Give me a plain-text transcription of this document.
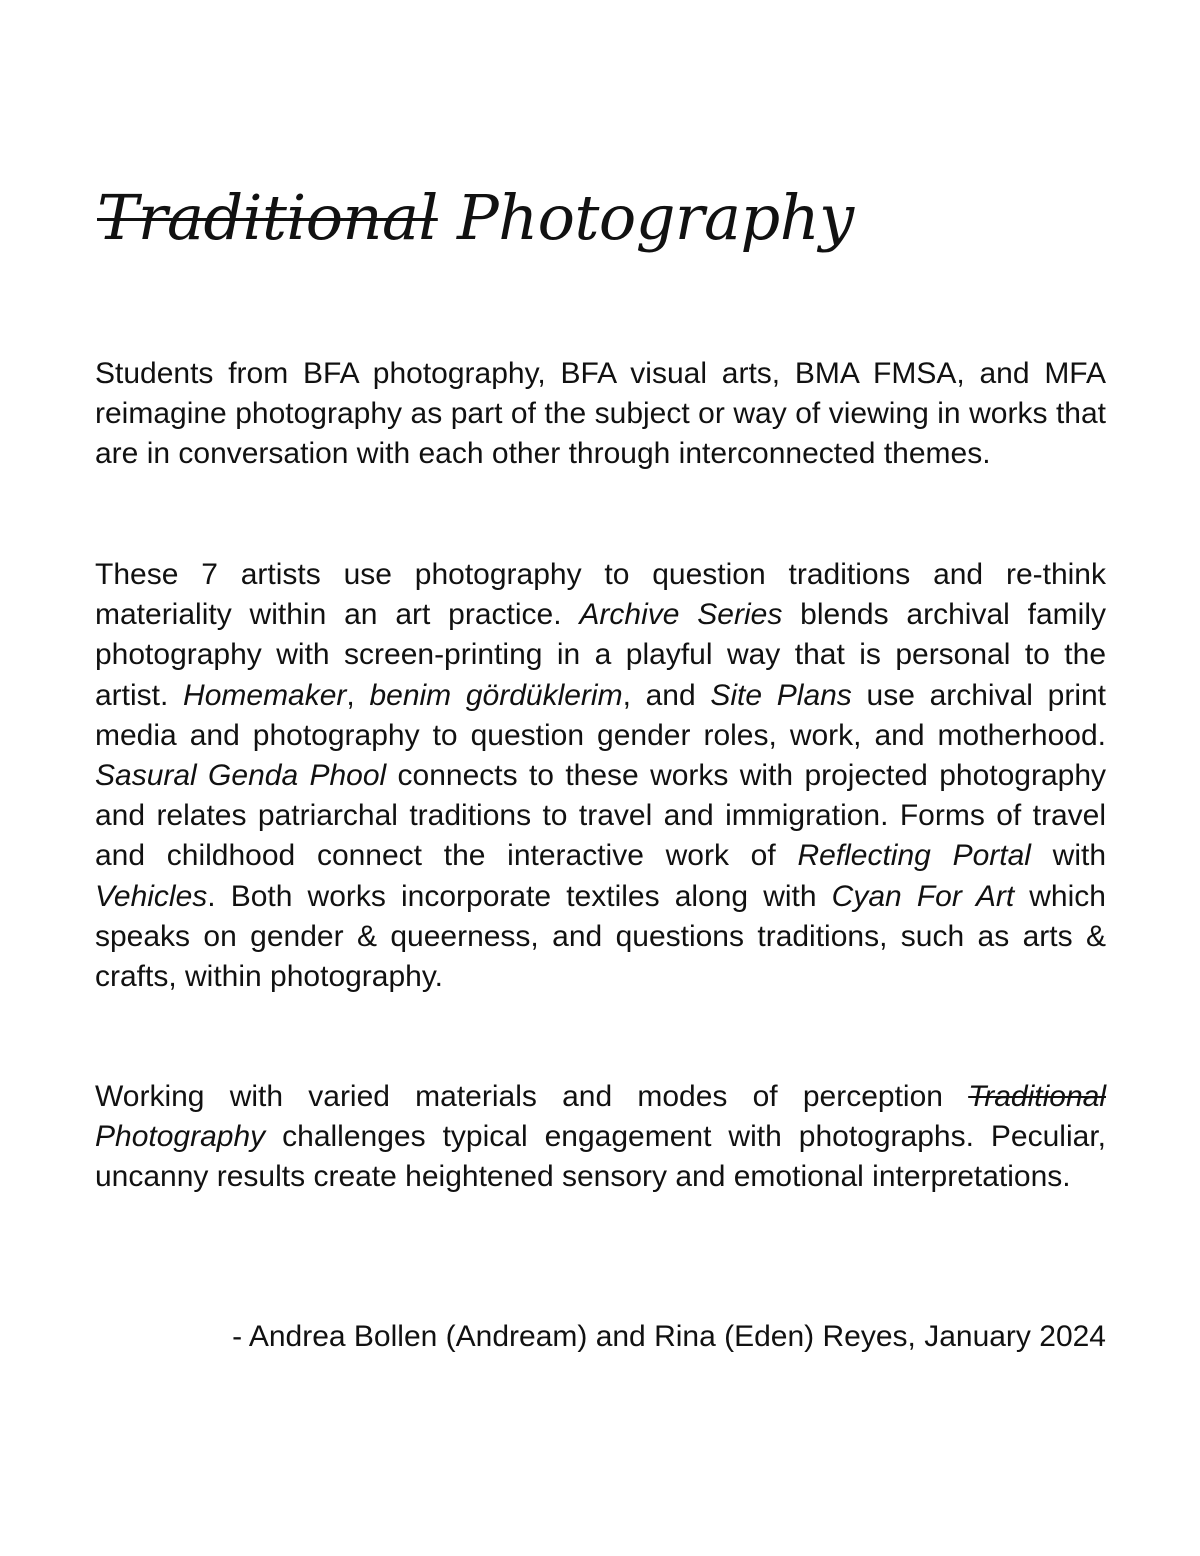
Traditional Photography

Students from BFA photography, BFA visual arts, BMA FMSA, and MFA reimagine photography as part of the subject or way of viewing in works that are in conversation with each other through interconnected themes.

These 7 artists use photography to question traditions and re-think materiality within an art practice. Archive Series blends archival family photography with screen-printing in a playful way that is personal to the artist. Homemaker, benim gördüklerim, and Site Plans use archival print media and photography to question gender roles, work, and motherhood. Sasural Genda Phool connects to these works with projected photography and relates patriarchal traditions to travel and immigration. Forms of travel and childhood connect the interactive work of Reflecting Portal with Vehicles. Both works incorporate textiles along with Cyan For Art which speaks on gender & queerness, and questions traditions, such as arts & crafts, within photography.

Working with varied materials and modes of perception Traditional Photography challenges typical engagement with photographs. Peculiar, uncanny results create heightened sensory and emotional interpretations.

- Andrea Bollen (Andream) and Rina (Eden) Reyes, January 2024
